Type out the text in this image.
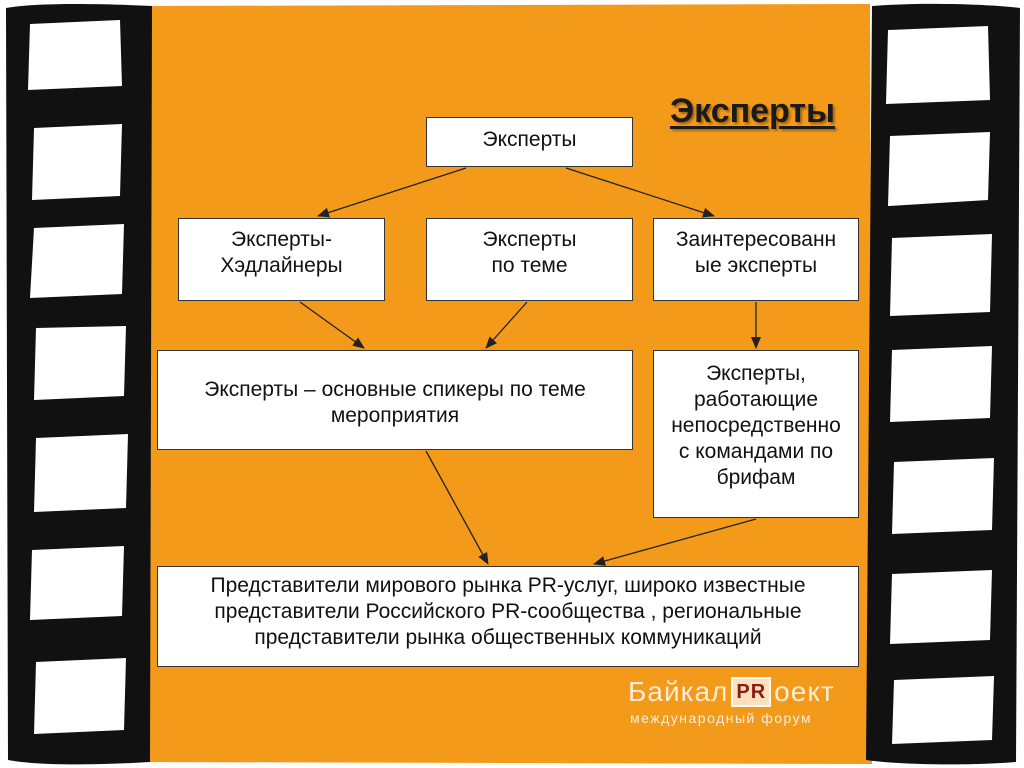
Эксперты
Эксперты
Эксперты-
Хэдлайнеры
Эксперты
по теме
Заинтересованн
ые эксперты
Эксперты – основные спикеры по теме
мероприятия
Эксперты,
работающие
непосредственно
с командами по
брифам
Представители мирового рынка PR-услуг, широко известные
представители Российского PR-сообщества , региональные
представители рынка общественных коммуникаций
Байкал PR оект
международный форум
